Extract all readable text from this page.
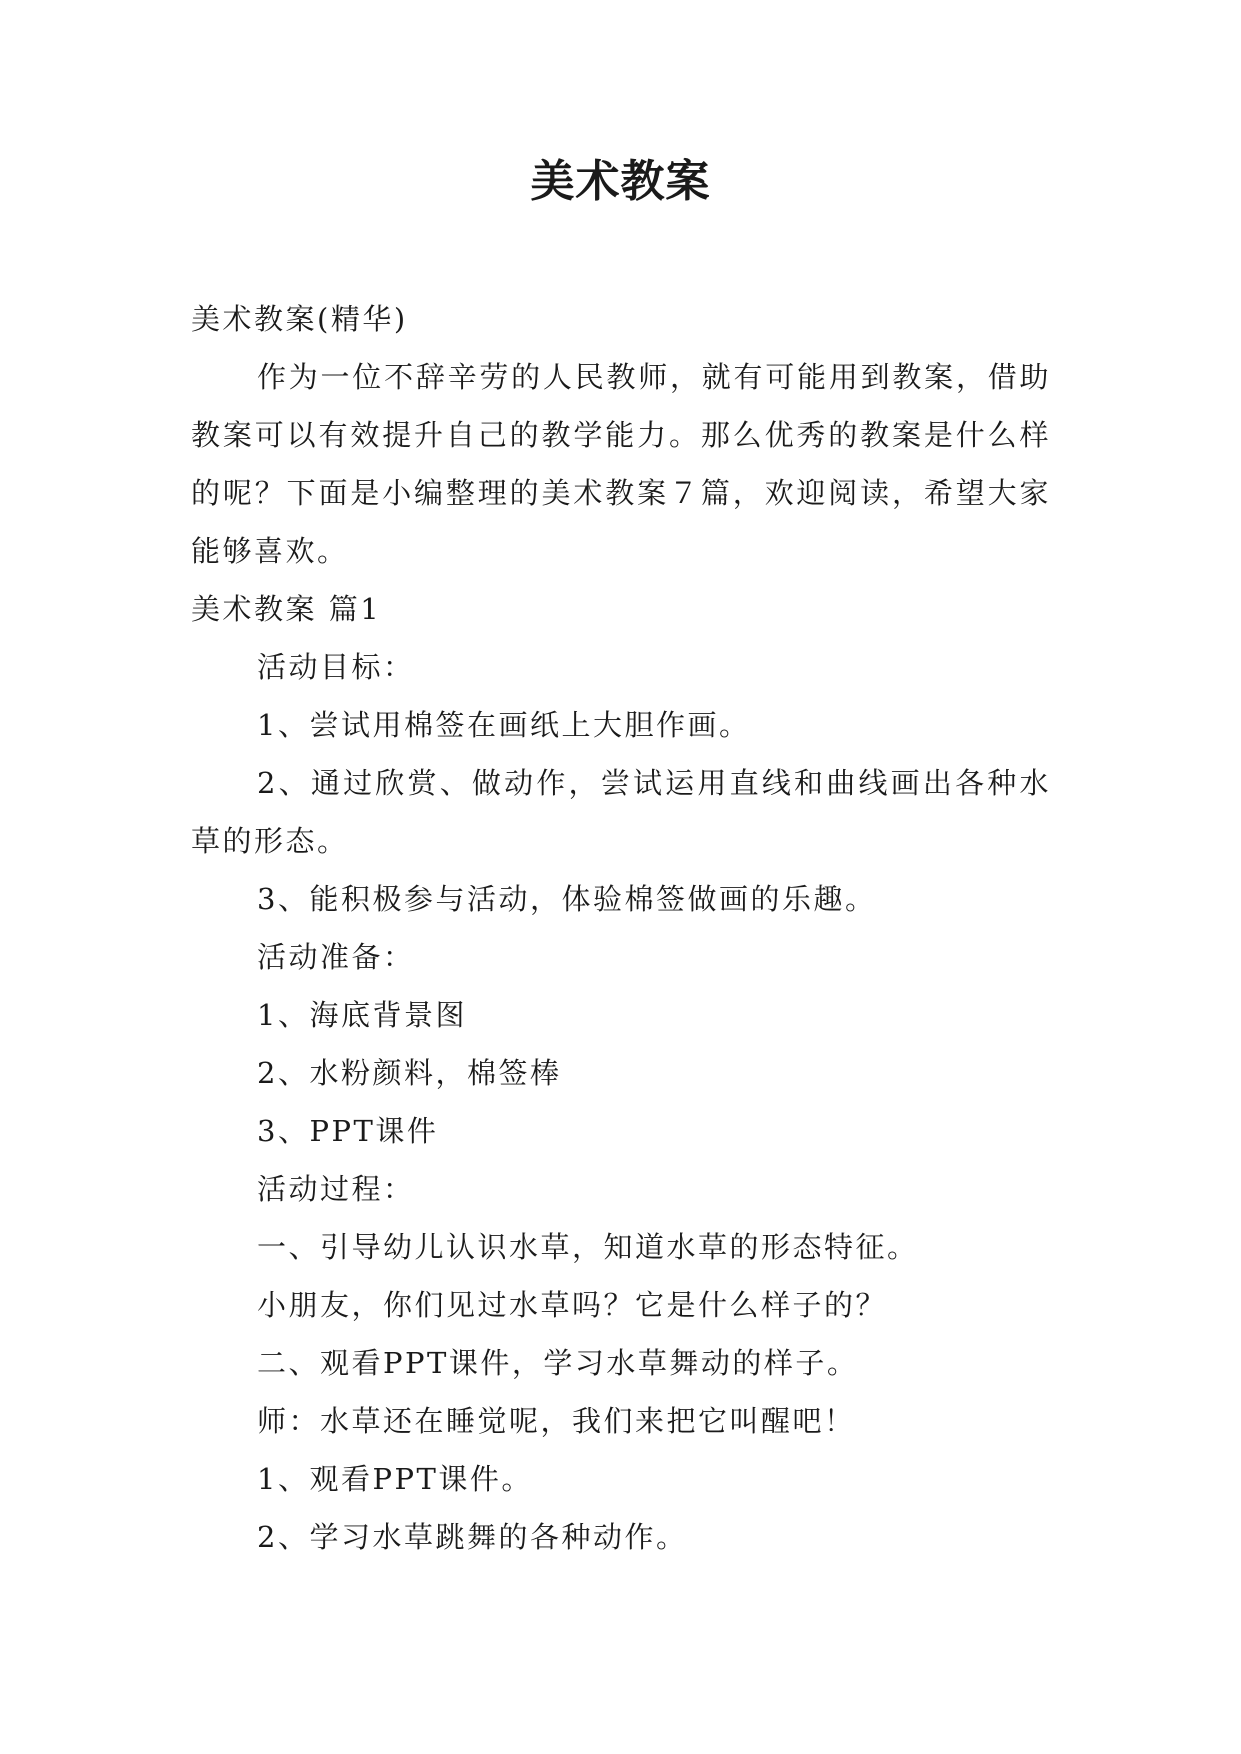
美术教案

美术教案(精华)

作为一位不辞辛劳的人民教师，就有可能用到教案，借助教案可以有效提升自己的教学能力。那么优秀的教案是什么样的呢？下面是小编整理的美术教案７篇，欢迎阅读，希望大家能够喜欢。

美术教案 篇1

活动目标：

1、尝试用棉签在画纸上大胆作画。

2、通过欣赏、做动作，尝试运用直线和曲线画出各种水草的形态。

3、能积极参与活动，体验棉签做画的乐趣。

活动准备：

1、海底背景图

2、水粉颜料，棉签棒

3、PPT课件

活动过程：

一、引导幼儿认识水草，知道水草的形态特征。

小朋友，你们见过水草吗？它是什么样子的？

二、观看PPT课件，学习水草舞动的样子。

师：水草还在睡觉呢，我们来把它叫醒吧！

1、观看PPT课件。

2、学习水草跳舞的各种动作。
